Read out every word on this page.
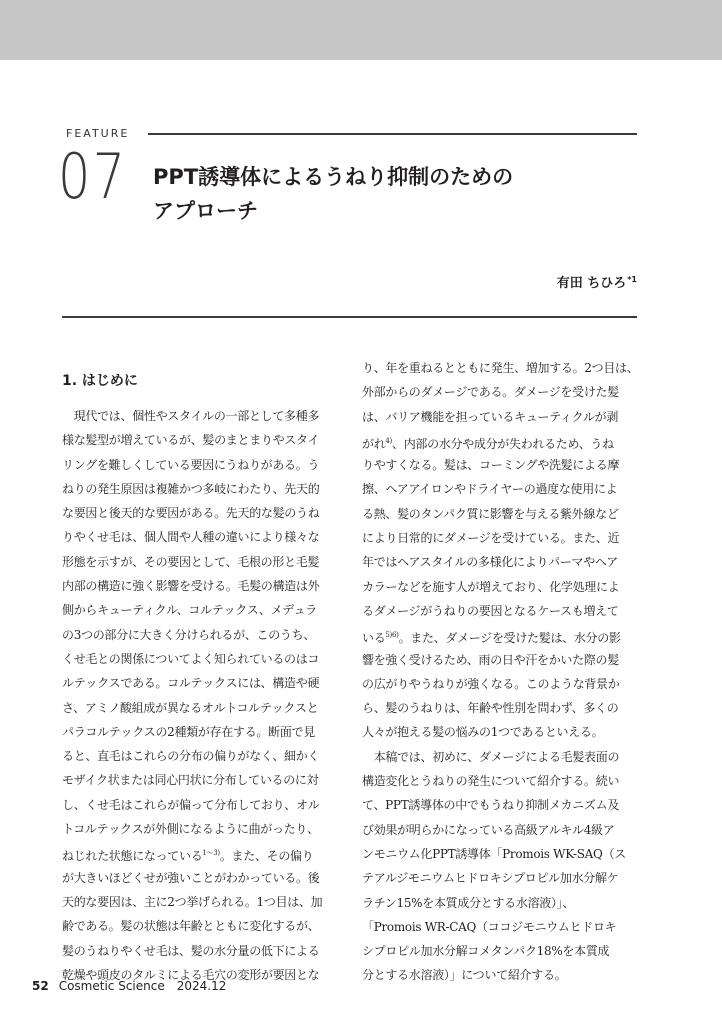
FEATURE
07 PPT誘導体によるうねり抑制のための
アプローチ
有田 ちひろ$^{*1}$
1. はじめに
　現代では、個性やスタイルの一部として多種多
様な髪型が増えているが、髪のまとまりやスタイ
リングを難しくしている要因にうねりがある。う
ねりの発生原因は複雑かつ多岐にわたり、先天的
な要因と後天的な要因がある。先天的な髪のうね
りやくせ毛は、個人間や人種の違いにより様々な
形態を示すが、その要因として、毛根の形と毛髪
内部の構造に強く影響を受ける。毛髪の構造は外
側からキューティクル、コルテックス、メデュラ
の3つの部分に大きく分けられるが、このうち、
くせ毛との関係についてよく知られているのはコ
ルテックスである。コルテックスには、構造や硬
さ、アミノ酸組成が異なるオルトコルテックスと
パラコルテックスの2種類が存在する。断面で見
ると、直毛はこれらの分布の偏りがなく、細かく
モザイク状または同心円状に分布しているのに対
し、くせ毛はこれらが偏って分布しており、オル
トコルテックスが外側になるように曲がったり、
ねじれた状態になっている$^{1〜3)}$。また、その偏り
が大きいほどくせが強いことがわかっている。後
天的な要因は、主に2つ挙げられる。1つ目は、加
齢である。髪の状態は年齢とともに変化するが、
髪のうねりやくせ毛は、髪の水分量の低下による
乾燥や頭皮のタルミによる毛穴の変形が要因とな
り、年を重ねるとともに発生、増加する。2つ目は、
外部からのダメージである。ダメージを受けた髪
は、バリア機能を担っているキューティクルが剥
がれ$^{4)}$、内部の水分や成分が失われるため、うね
りやすくなる。髪は、コーミングや洗髪による摩
擦、ヘアアイロンやドライヤーの過度な使用によ
る熱、髪のタンパク質に影響を与える紫外線など
により日常的にダメージを受けている。また、近
年ではヘアスタイルの多様化によりパーマやヘア
カラーなどを施す人が増えており、化学処理によ
るダメージがうねりの要因となるケースも増えて
いる$^{5)6)}$。また、ダメージを受けた髪は、水分の影
響を強く受けるため、雨の日や汗をかいた際の髪
の広がりやうねりが強くなる。このような背景か
ら、髪のうねりは、年齢や性別を問わず、多くの
人々が抱える髪の悩みの1つであるといえる。
　本稿では、初めに、ダメージによる毛髪表面の
構造変化とうねりの発生について紹介する。続い
て、PPT誘導体の中でもうねり抑制メカニズム及
び効果が明らかになっている高級アルキル4級ア
ンモニウム化PPT誘導体「Promois WK-SAQ（ス
テアルジモニウムヒドロキシプロピル加水分解ケ
ラチン15%を本質成分とする水溶液）」、
「Promois WR-CAQ（ココジモニウムヒドロキ
シプロピル加水分解コメタンパク18%を本質成
分とする水溶液）」について紹介する。
52 Cosmetic Science　2024.12
